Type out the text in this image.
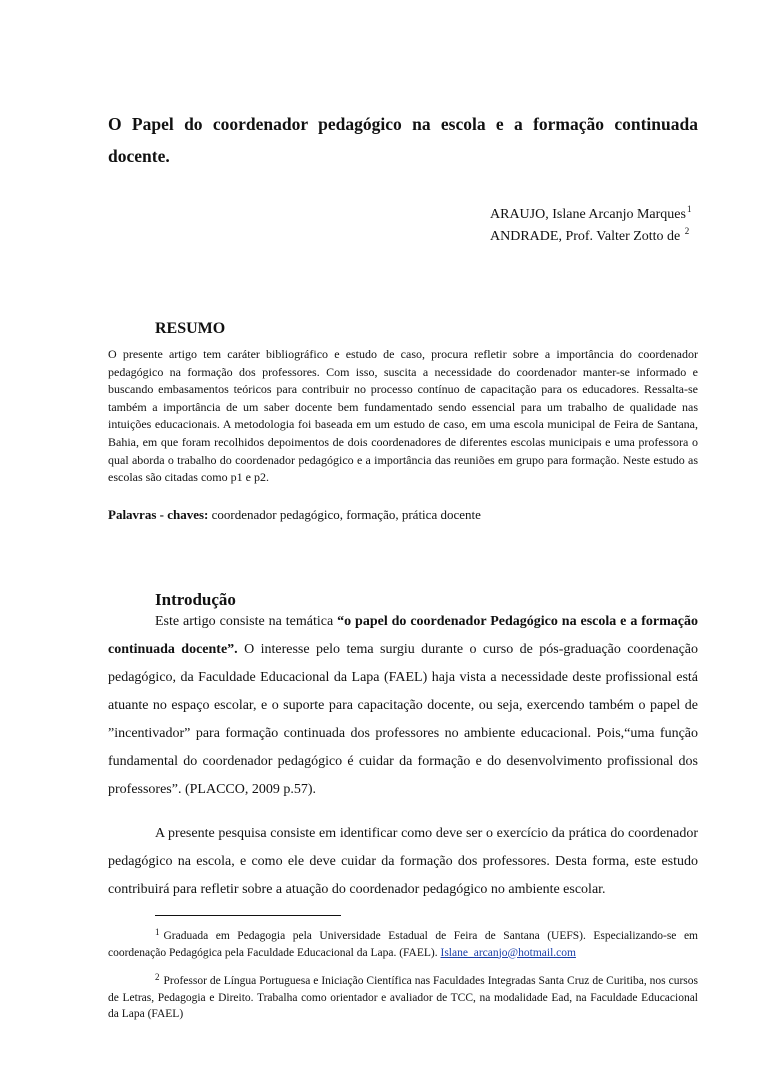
O Papel do coordenador pedagógico na escola e a formação continuada docente.
ARAUJO, Islane Arcanjo Marques$^1$
ANDRADE, Prof. Valter Zotto de $^2$
RESUMO

O presente artigo tem caráter bibliográfico e estudo de caso, procura refletir sobre a importância do coordenador pedagógico na formação dos professores. Com isso, suscita a necessidade do coordenador manter-se informado e buscando embasamentos teóricos para contribuir no processo contínuo de capacitação para os educadores. Ressalta-se também a importância de um saber docente bem fundamentado sendo essencial para um trabalho de qualidade nas intuições educacionais. A metodologia foi baseada em um estudo de caso, em uma escola municipal de Feira de Santana, Bahia, em que foram recolhidos depoimentos de dois coordenadores de diferentes escolas municipais e uma professora o qual aborda o trabalho do coordenador pedagógico e a importância das reuniões em grupo para formação. Neste estudo as escolas são citadas como p1 e p2.

Palavras - chaves: coordenador pedagógico, formação, prática docente

Introdução

Este artigo consiste na temática “o papel do coordenador Pedagógico na escola e a formação continuada docente”. O interesse pelo tema surgiu durante o curso de pós-graduação coordenação pedagógico, da Faculdade Educacional da Lapa (FAEL) haja vista a necessidade deste profissional está atuante no espaço escolar, e o suporte para capacitação docente, ou seja, exercendo também o papel de ”incentivador” para formação continuada dos professores no ambiente educacional. Pois,“uma função fundamental do coordenador pedagógico é cuidar da formação e do desenvolvimento profissional dos professores”. (PLACCO, 2009 p.57).

A presente pesquisa consiste em identificar como deve ser o exercício da prática do coordenador pedagógico na escola, e como ele deve cuidar da formação dos professores. Desta forma, este estudo contribuirá para refletir sobre a atuação do coordenador pedagógico no ambiente escolar.

$^1$ Graduada em Pedagogia pela Universidade Estadual de Feira de Santana (UEFS). Especializando-se em coordenação Pedagógica pela Faculdade Educacional da Lapa. (FAEL). Islane_arcanjo@hotmail.com

$^2$ Professor de Língua Portuguesa e Iniciação Científica nas Faculdades Integradas Santa Cruz de Curitiba, nos cursos de Letras, Pedagogia e Direito. Trabalha como orientador e avaliador de TCC, na modalidade Ead, na Faculdade Educacional da Lapa (FAEL)
